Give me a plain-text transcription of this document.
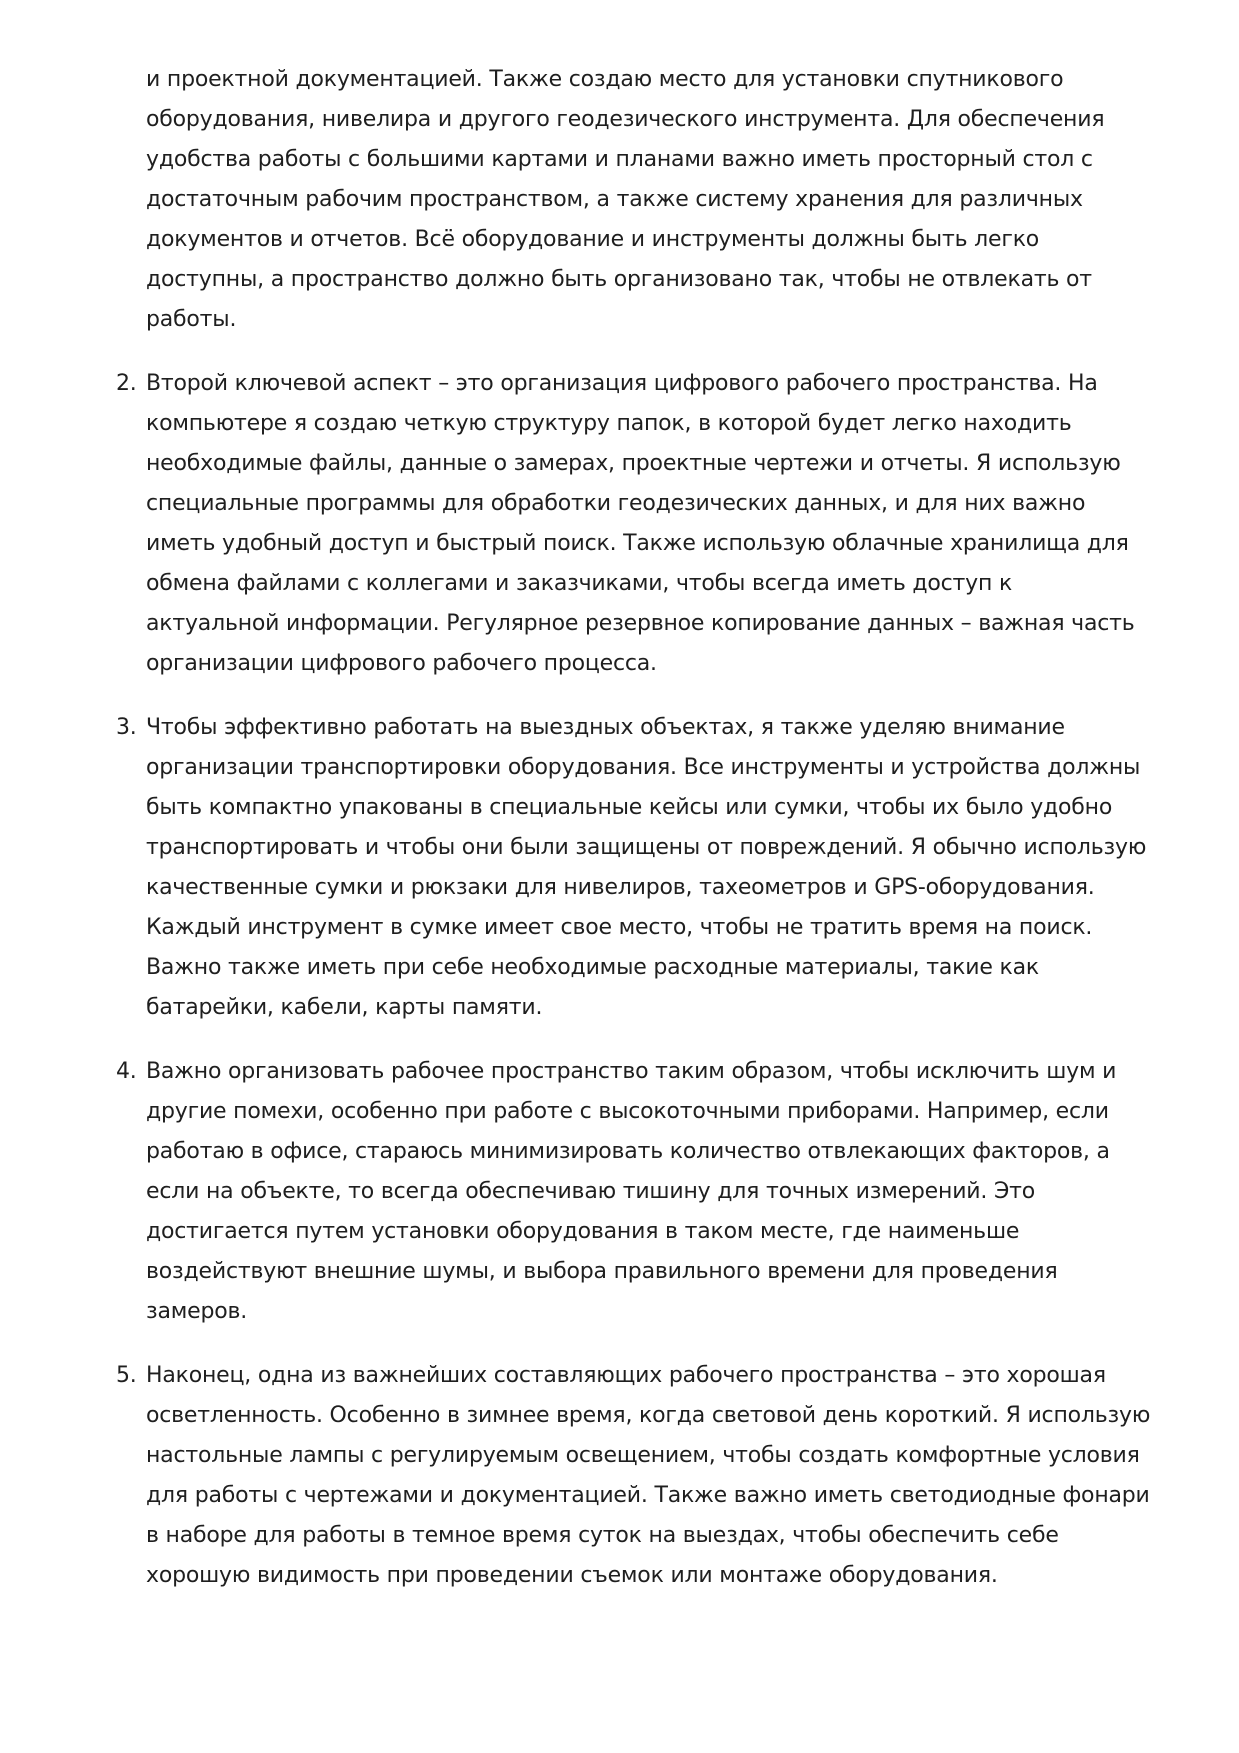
и проектной документацией. Также создаю место для установки спутникового оборудования, нивелира и другого геодезического инструмента. Для обеспечения удобства работы с большими картами и планами важно иметь просторный стол с достаточным рабочим пространством, а также систему хранения для различных документов и отчетов. Всё оборудование и инструменты должны быть легко доступны, а пространство должно быть организовано так, чтобы не отвлекать от работы.
2. Второй ключевой аспект – это организация цифрового рабочего пространства. На компьютере я создаю четкую структуру папок, в которой будет легко находить необходимые файлы, данные о замерах, проектные чертежи и отчеты. Я использую специальные программы для обработки геодезических данных, и для них важно иметь удобный доступ и быстрый поиск. Также использую облачные хранилища для обмена файлами с коллегами и заказчиками, чтобы всегда иметь доступ к актуальной информации. Регулярное резервное копирование данных – важная часть организации цифрового рабочего процесса.
3. Чтобы эффективно работать на выездных объектах, я также уделяю внимание организации транспортировки оборудования. Все инструменты и устройства должны быть компактно упакованы в специальные кейсы или сумки, чтобы их было удобно транспортировать и чтобы они были защищены от повреждений. Я обычно использую качественные сумки и рюкзаки для нивелиров, тахеометров и GPS-оборудования. Каждый инструмент в сумке имеет свое место, чтобы не тратить время на поиск. Важно также иметь при себе необходимые расходные материалы, такие как батарейки, кабели, карты памяти.
4. Важно организовать рабочее пространство таким образом, чтобы исключить шум и другие помехи, особенно при работе с высокоточными приборами. Например, если работаю в офисе, стараюсь минимизировать количество отвлекающих факторов, а если на объекте, то всегда обеспечиваю тишину для точных измерений. Это достигается путем установки оборудования в таком месте, где наименьше воздействуют внешние шумы, и выбора правильного времени для проведения замеров.
5. Наконец, одна из важнейших составляющих рабочего пространства – это хорошая осветленность. Особенно в зимнее время, когда световой день короткий. Я использую настольные лампы с регулируемым освещением, чтобы создать комфортные условия для работы с чертежами и документацией. Также важно иметь светодиодные фонари в наборе для работы в темное время суток на выездах, чтобы обеспечить себе хорошую видимость при проведении съемок или монтаже оборудования.
